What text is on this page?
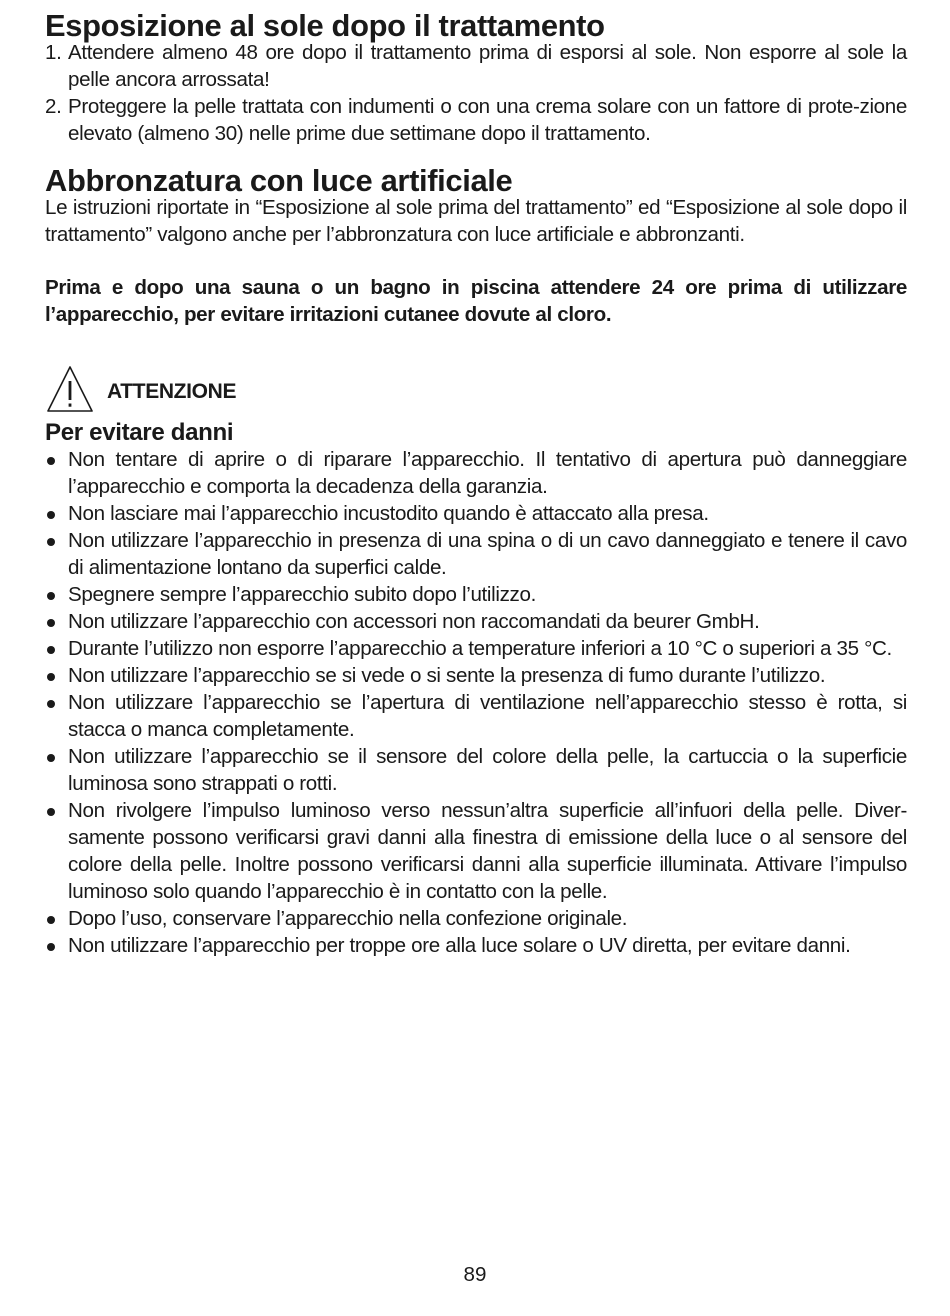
Esposizione al sole dopo il trattamento
1. Attendere almeno 48 ore dopo il trattamento prima di esporsi al sole. Non esporre al sole la pelle ancora arrossata!
2. Proteggere la pelle trattata con indumenti o con una crema solare con un fattore di prote-zione elevato (almeno 30) nelle prime due settimane dopo il trattamento.
Abbronzatura con luce artificiale

Le istruzioni riportate in “Esposizione al sole prima del trattamento” ed “Esposizione al sole dopo il trattamento” valgono anche per l’abbronzatura con luce artificiale e abbronzanti.

Prima e dopo una sauna o un bagno in piscina attendere 24 ore prima di utilizzare l’apparecchio, per evitare irritazioni cutanee dovute al cloro.

ATTENZIONE
Per evitare danni
Non tentare di aprire o di riparare l’apparecchio. Il tentativo di apertura può danneggiare l’apparecchio e comporta la decadenza della garanzia.
Non lasciare mai l’apparecchio incustodito quando è attaccato alla presa.
Non utilizzare l’apparecchio in presenza di una spina o di un cavo danneggiato e tenere il cavo di alimentazione lontano da superfici calde.
Spegnere sempre l’apparecchio subito dopo l’utilizzo.
Non utilizzare l’apparecchio con accessori non raccomandati da beurer GmbH.
Durante l’utilizzo non esporre l’apparecchio a temperature inferiori a 10 °C o superiori a 35 °C.
Non utilizzare l’apparecchio se si vede o si sente la presenza di fumo durante l’utilizzo.
Non utilizzare l’apparecchio se l’apertura di ventilazione nell’apparecchio stesso è rotta, si stacca o manca completamente.
Non utilizzare l’apparecchio se il sensore del colore della pelle, la cartuccia o la superficie luminosa sono strappati o rotti.
Non rivolgere l’impulso luminoso verso nessun’altra superficie all’infuori della pelle. Diver-samente possono verificarsi gravi danni alla finestra di emissione della luce o al sensore del colore della pelle. Inoltre possono verificarsi danni alla superficie illuminata. Attivare l’impulso luminoso solo quando l’apparecchio è in contatto con la pelle.
Dopo l’uso, conservare l’apparecchio nella confezione originale.
Non utilizzare l’apparecchio per troppe ore alla luce solare o UV diretta, per evitare danni.
89
